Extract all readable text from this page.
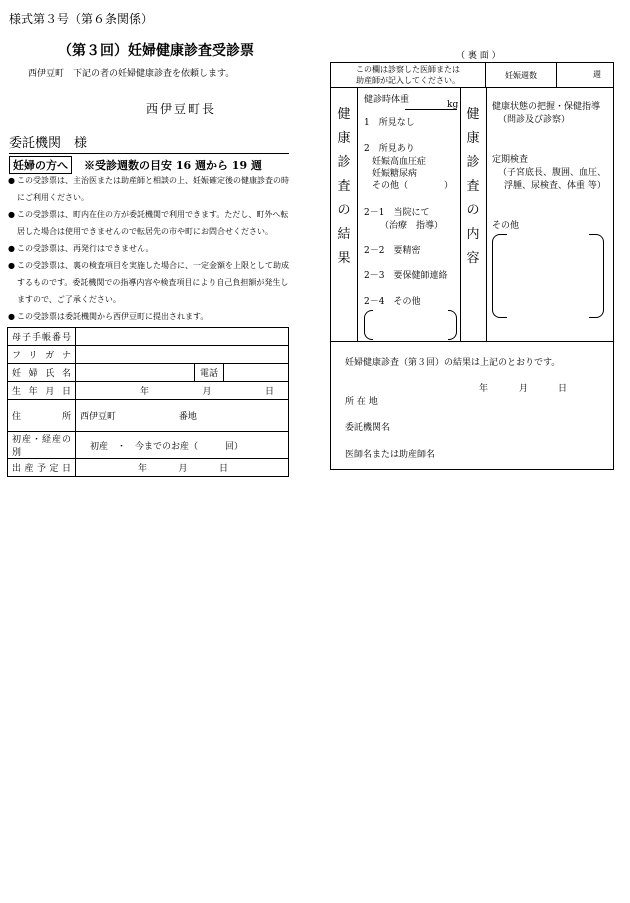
様式第３号（第６条関係）
（第３回）妊婦健康診査受診票
西伊豆町　下記の者の妊婦健康診査を依頼します。
西伊豆町長
委託機関　様
妊婦の方へ	※受診週数の目安 16 週から 19 週
● この受診票は、主治医または助産師と相談の上、妊娠確定後の健康診査の時にご利用ください。
● この受診票は、町内在住の方が委託機関で利用できます。ただし、町外へ転居した場合は使用できませんので転居先の市や町にお問合せください。
● この受診票は、再発行はできません。
● この受診票は、裏の検査項目を実施した場合に、一定金額を上限として助成するものです。委託機関での指導内容や検査項目により自己負担額が発生しますので、ご了承ください。
● この受診票は委託機関から西伊豆町に提出されます。
母子手帳番号			
フリガナ			
妊婦氏名		電話	
生年月日	年 月 日		

住所	西伊豆町 番地		
初産・経産の別	初産　・　今までのお産（　　　回）		
出産予定日	年 月 日		
（ 裏 面 ）
この欄は診察した医師または
助産師が記入してください。
妊娠週数	週
健
康
診
査
の
結
果
健
康
診
査
の
内
容
健診時体重	kg
1　所見なし
2　所見あり
妊娠高血圧症
妊娠糖尿病
その他（　　　　）
2－1　当院にて
（治療　指導）
2－2　要精密
2－3　要保健師連絡
2－4　その他
健康状態の把握・保健指導
（問診及び診察）
定期検査
（子宮底長、腹囲、血圧、
浮腫、尿検査、体重 等）
その他
妊婦健康診査（第３回）の結果は上記のとおりです。
年	月	日
所 在 地
委託機関名
医師名または助産師名
